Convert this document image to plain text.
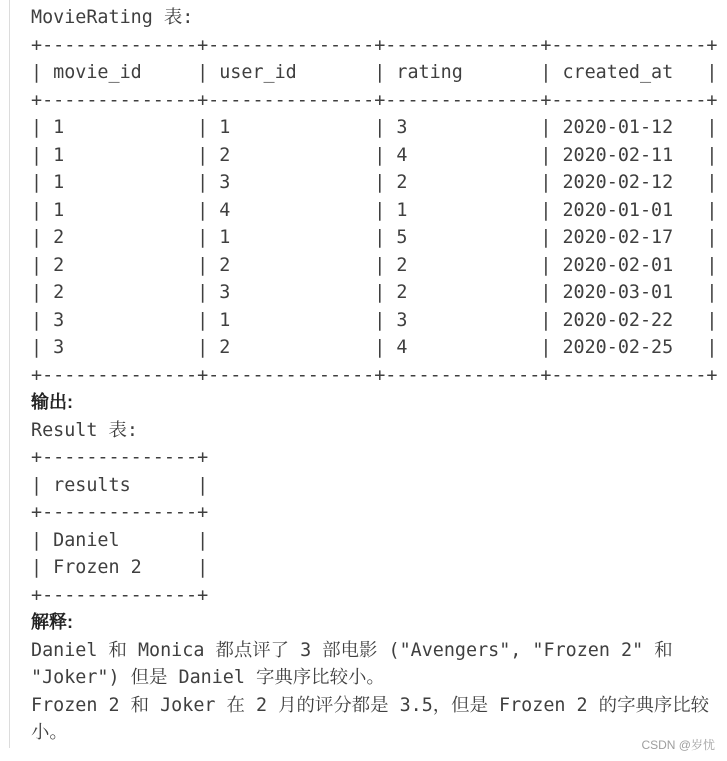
MovieRating 表:

+--------------+---------------+--------------+--------------+

| movie_id     | user_id       | rating       | created_at   |

+--------------+---------------+--------------+--------------+

| 1            | 1             | 3            | 2020-01-12   |

| 1            | 2             | 4            | 2020-02-11   |

| 1            | 3             | 2            | 2020-02-12   |

| 1            | 4             | 1            | 2020-01-01   |

| 2            | 1             | 5            | 2020-02-17   |

| 2            | 2             | 2            | 2020-02-01   |

| 2            | 3             | 2            | 2020-03-01   |

| 3            | 1             | 3            | 2020-02-22   |

| 3            | 2             | 4            | 2020-02-25   |

+--------------+---------------+--------------+--------------+

输出:

Result 表:

+--------------+

| results      |

+--------------+

| Daniel       |

| Frozen 2     |

+--------------+

解释:

Daniel 和 Monica 都点评了 3 部电影 ("Avengers", "Frozen 2" 和 "Joker") 但是 Daniel 字典序比较小。

Frozen 2 和 Joker 在 2 月的评分都是 3.5，但是 Frozen 2 的字典序比较小。

CSDN @岁忧
